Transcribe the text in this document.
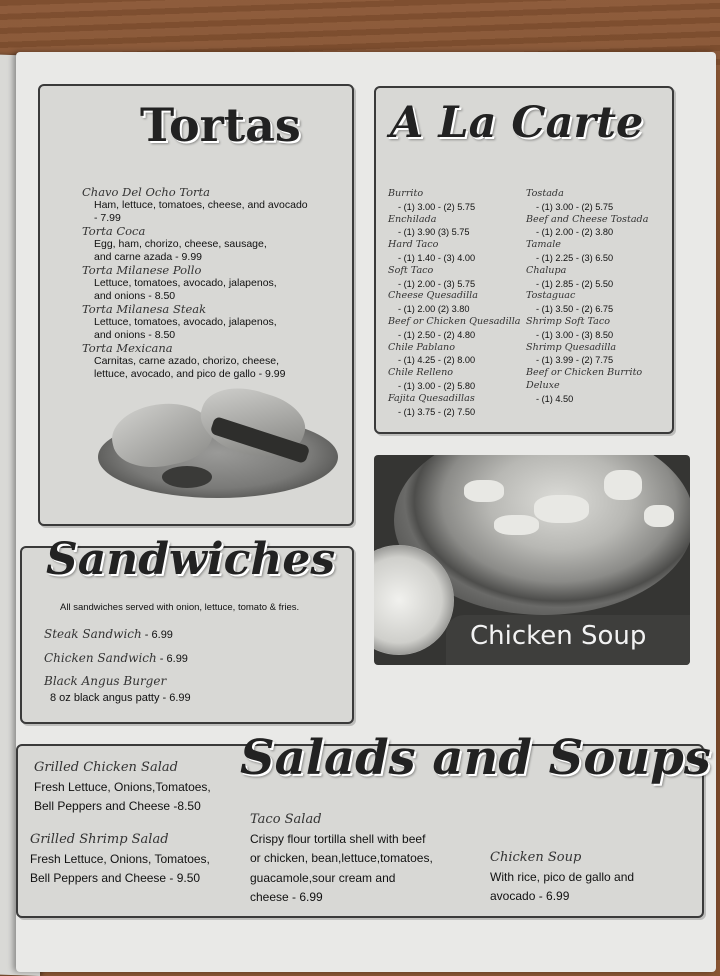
Tortas
Chavo Del Ocho Torta
Ham, lettuce, tomatoes, cheese, and avocado
- 7.99
Torta Coca
Egg, ham, chorizo, cheese, sausage,
and carne azada - 9.99
Torta Milanese Pollo
Lettuce, tomatoes, avocado, jalapenos,
and onions - 8.50
Torta Milanesa Steak
Lettuce, tomatoes, avocado, jalapenos,
and onions - 8.50
Torta Mexicana
Carnitas, carne azado, chorizo, cheese,
lettuce, avocado, and pico de gallo - 9.99
A La Carte
Burrito
- (1) 3.00 - (2) 5.75
Enchilada
- (1) 3.90 (3) 5.75
Hard Taco
- (1) 1.40 - (3) 4.00
Soft Taco
- (1) 2.00 - (3) 5.75
Cheese Quesadilla
- (1) 2.00 (2) 3.80
Beef or Chicken Quesadilla
- (1) 2.50 - (2) 4.80
Chile Pablano
- (1) 4.25 - (2) 8.00
Chile Relleno
- (1) 3.00 - (2) 5.80
Fajita Quesadillas
- (1) 3.75 - (2) 7.50
Tostada
- (1) 3.00 - (2) 5.75
Beef and Cheese Tostada
- (1) 2.00 - (2) 3.80
Tamale
- (1) 2.25 - (3) 6.50
Chalupa
- (1) 2.85 - (2) 5.50
Tostaguac
- (1) 3.50 - (2) 6.75
Shrimp Soft Taco
- (1) 3.00 - (3) 8.50
Shrimp Quesadilla
- (1) 3.99 - (2) 7.75
Beef or Chicken Burrito Deluxe
- (1) 4.50
Chicken Soup
Sandwiches
All sandwiches served with onion, lettuce, tomato & fries.
Steak Sandwich - 6.99
Chicken Sandwich - 6.99
Black Angus Burger
8 oz black angus patty - 6.99
Salads and Soups
Grilled Chicken Salad
Fresh Lettuce, Onions,Tomatoes,
Bell Peppers and Cheese -8.50
Grilled Shrimp Salad
Fresh Lettuce, Onions, Tomatoes,
Bell Peppers and Cheese - 9.50
Taco Salad
Crispy flour tortilla shell with beef
or chicken, bean,lettuce,tomatoes,
guacamole,sour cream and
cheese - 6.99
Chicken Soup
With rice, pico de gallo and
avocado - 6.99
